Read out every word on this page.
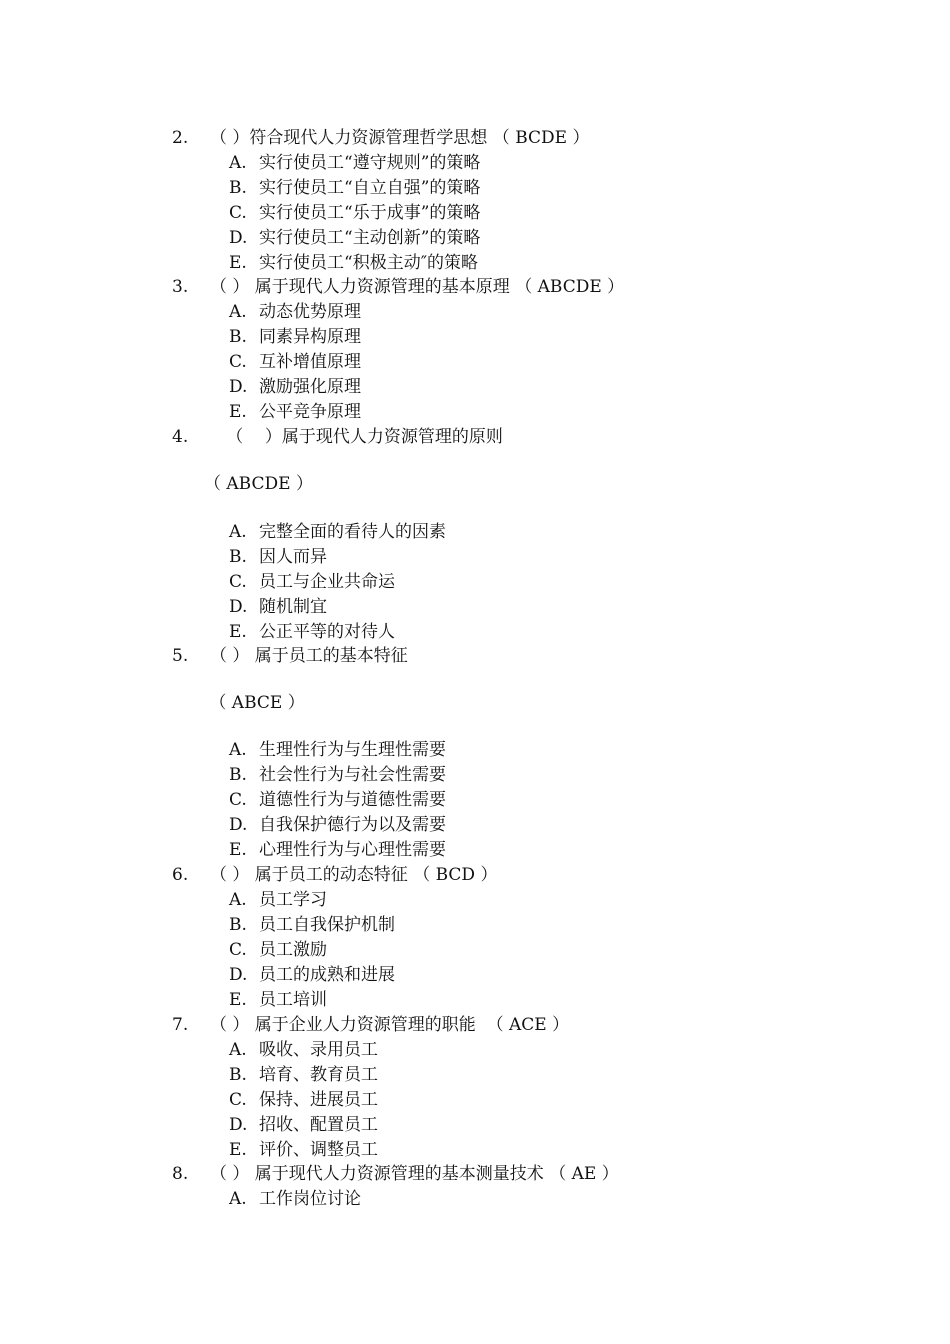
2. （ ）符合现代人力资源管理哲学思想 （ BCDE ）
A. 实行使员工“遵守规则”的策略
B. 实行使员工“自立自强”的策略
C. 实行使员工“乐于成事”的策略
D. 实行使员工“主动创新”的策略
E. 实行使员工“积极主动″的策略
3. （ ） 属于现代人力资源管理的基本原理 （ ABCDE ）
A. 动态优势原理
B. 同素异构原理
C. 互补增值原理
D. 激励强化原理
E. 公平竞争原理
4.   （    ）属于现代人力资源管理的原则
（ ABCDE ）
A. 完整全面的看待人的因素
B. 因人而异
C. 员工与企业共命运
D. 随机制宜
E. 公正平等的对待人
5. （ ） 属于员工的基本特征
（ ABCE ）
A. 生理性行为与生理性需要
B. 社会性行为与社会性需要
C. 道德性行为与道德性需要
D. 自我保护德行为以及需要
E. 心理性行为与心理性需要
6. （ ） 属于员工的动态特征 （ BCD ）
A. 员工学习
B. 员工自我保护机制
C. 员工激励
D. 员工的成熟和进展
E. 员工培训
7. （ ） 属于企业人力资源管理的职能  （ ACE ）
A. 吸收、录用员工
B. 培育、教育员工
C. 保持、进展员工
D. 招收、配置员工
E. 评价、调整员工
8. （ ） 属于现代人力资源管理的基本测量技术 （ AE ）
A. 工作岗位讨论
